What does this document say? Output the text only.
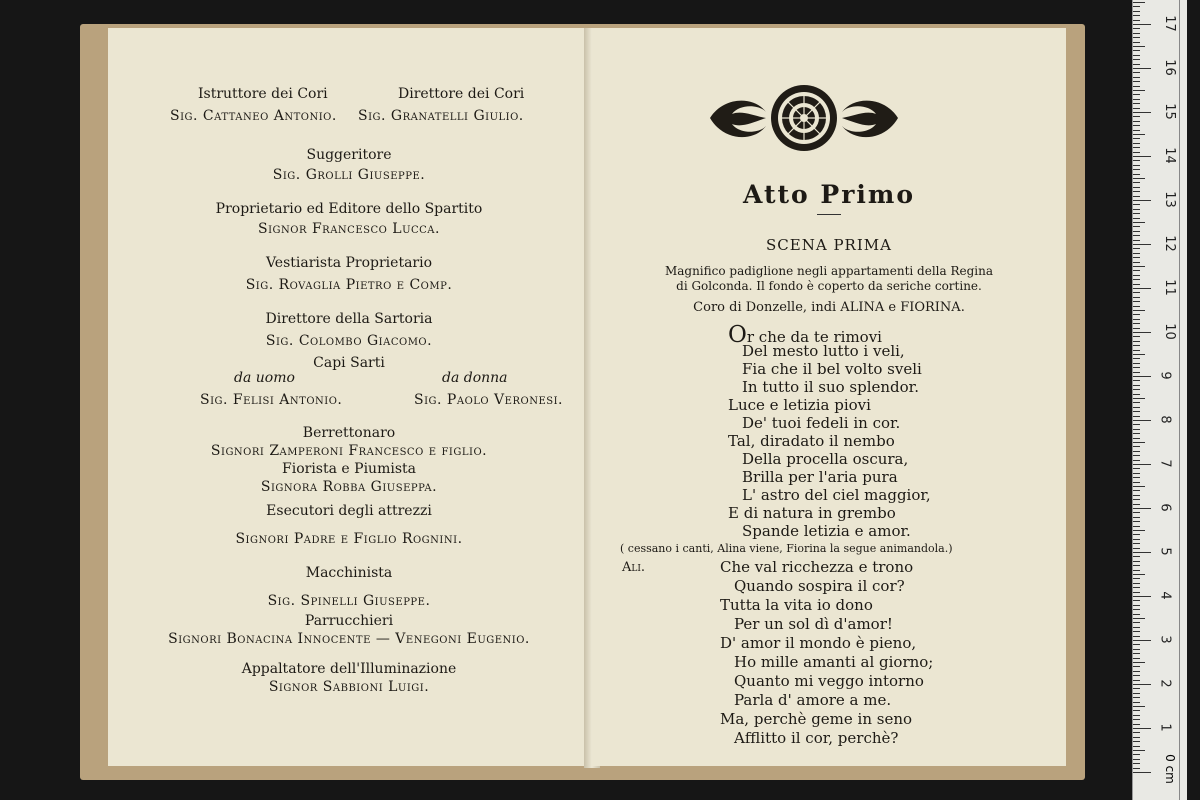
Istruttore dei Cori	Direttore dei Cori
Sig. Cattaneo Antonio. Sig. Granatelli Giulio.
Suggeritore
Sig. Grolli Giuseppe.
Proprietario ed Editore dello Spartito
Signor Francesco Lucca.
Vestiarista Proprietario
Sig. Rovaglia Pietro e Comp.
Direttore della Sartoria
Sig. Colombo Giacomo.
Capi Sarti
da uomo	da donna
Sig. Felisi Antonio.	Sig. Paolo Veronesi.
Berrettonaro
Signori Zamperoni Francesco e figlio.
Fiorista e Piumista
Signora Robba Giuseppa.
Esecutori degli attrezzi
Signori Padre e Figlio Rognini.
Macchinista
Sig. Spinelli Giuseppe.
Parrucchieri
Signori Bonacina Innocente — Venegoni Eugenio.
Appaltatore dell'Illuminazione
Signor Sabbioni Luigi.
Atto Primo
SCENA PRIMA
Magnifico padiglione negli appartamenti della Regina
di Golconda. Il fondo è coperto da seriche cortine.
Coro di Donzelle, indi ALINA e FIORINA.
Or che da te rimovi
Del mesto lutto i veli,
Fia che il bel volto sveli
In tutto il suo splendor.
Luce e letizia piovi
De' tuoi fedeli in cor.
Tal, diradato il nembo
Della procella oscura,
Brilla per l'aria pura
L' astro del ciel maggior,
( cessano i canti, Alina viene, Fiorina la segue animandola.)
Ali.	Che val ricchezza e trono
Quando sospira il cor?
Tutta la vita io dono
Per un sol dì d'amor!
D' amor il mondo è pieno,
Ho mille amanti al giorno;
Quanto mi veggo intorno
Parla d' amore a me.
Ma, perchè geme in seno
Afflitto il cor, perchè?
E di natura in grembo
Spande letizia e amor.
0 cm
1
2
3
4
5
6
7
8
9
10
11
12
13
14
15
16
17
